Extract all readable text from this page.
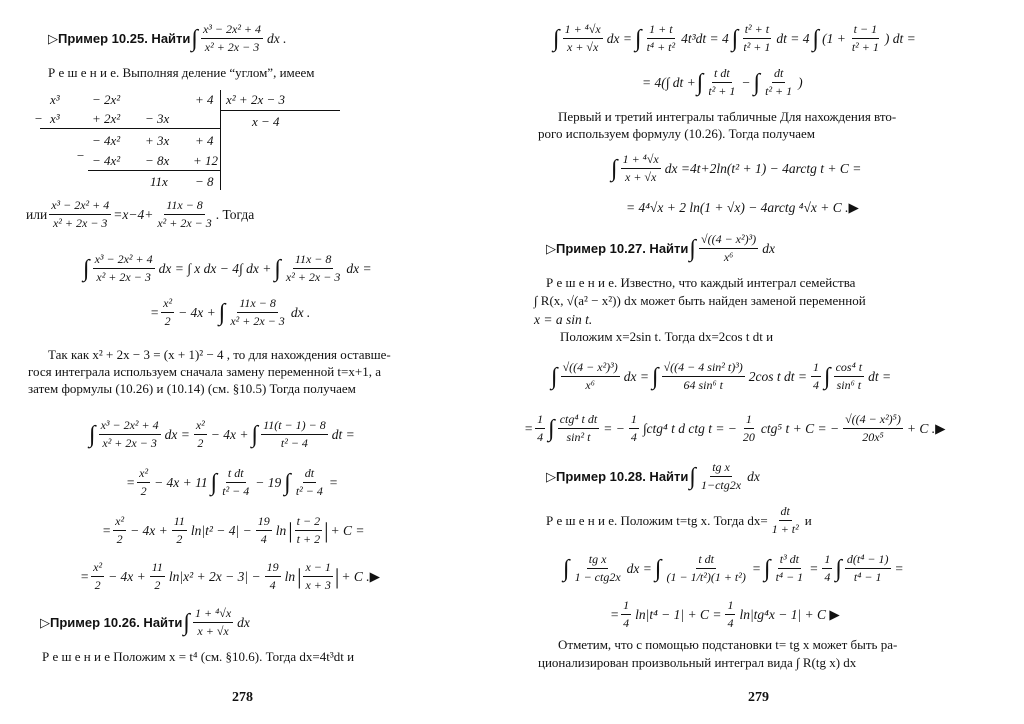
▷Пример 10.25. Найти ∫ $\frac{\text{x³ − 2x² + 4}}{\text{x² + 2x − 3}}$ dx .
Р е ш е н и е. Выполняя деление “углом”, имеем
x³ − 2x²	+ 4
− x³ + 2x² − 3x
− 4x² + 3x + 4
− − 4x² − 8x + 12
11x − 8
x² + 2x − 3
x − 4
или $\frac{\text{x³ − 2x² + 4}}{\text{x² + 2x − 3}} =x-4+ \frac{11x - 8}{\text{x² + 2x − 3}}$ . Тогда
∫ $\frac{\text{x³ − 2x² + 4}}{\text{x² + 2x − 3}}$ dx = ∫ x dx − 4∫ dx + ∫ $\frac{11x - 8}{\text{x² + 2x − 3}}$ dx =
= $\frac{\text{x²}}{2} - 4x$ + ∫ $\frac{11x - 8}{\text{x² + 2x − 3}}$ dx .
Так как x² + 2x − 3 = (x + 1)² − 4 , то для нахождения оставше-
гося интеграла используем сначала замену переменной t=x+1, а
затем формулы (10.26) и (10.14) (см. §10.5) Тогда получаем
∫ $\frac{\text{x³ − 2x² + 4}}{\text{x² + 2x − 3}}$ dx = $\frac{\text{x²}}{2} - 4x$ + ∫ $\frac{11(t - 1) - 8}{\text{t² − 4}}$ dt =
= $\frac{\text{x²}}{2} - 4x + 11$ ∫ $\frac{\text{t dt}}{\text{t² − 4}} - 19$ ∫ $\frac{dt}{\text{t² − 4}}$ =
= $\frac{\text{x²}}{2} - 4x + \frac{11}{2} \ln|t^2 - 4| - \frac{19}{4}$ ln | $\frac{t - 2}{t + 2}$ | + C =
= $\frac{\text{x²}}{2} - 4x + \frac{11}{2} \ln|x^2 + 2x - 3| - \frac{19}{4}$ ln | $\frac{x - 1}{x + 3}$ | + C .▶
▷Пример 10.26. Найти ∫ $\frac{\text{1 + ⁴√x}}{x + √x}$ dx
Р е ш е н и е Положим x = t⁴ (см. §10.6). Тогда dx=4t³dt и
278
∫ $\frac{\text{1 + ⁴√x}}{x + √x}$ dx = ∫ $\frac{1 + t}{\text{t⁴ + t²}} 4t^3dt = 4$ ∫ $\frac{\text{t² + t}}{\text{t² + 1}}$ dt = 4 ∫ ($1 + \frac{t - 1}{\text{t² + 1}}$ ) dt =
= 4(∫ dt + ∫ $\frac{\text{t dt}}{\text{t² + 1}}$ − ∫ $\frac{dt}{\text{t² + 1}}$ )
Первый и третий интегралы табличные Для нахождения вто-
рого используем формулу (10.26). Тогда получаем
∫ $\frac{\text{1 + ⁴√x}}{x + √x}$ dx =4t+2ln(t² + 1) − 4arctg t + C =
= 4⁴√x + 2 ln(1 + √x) − 4arctg ⁴√x + C .▶
▷Пример 10.27. Найти ∫ $\frac{\text{√((4 − x²)³)}}{\text{x⁶}}$ dx
Р е ш е н и е. Известно, что каждый интеграл семейства
∫ R(x, √(a² − x²)) dx может быть найден заменой переменной
x = a sin t.
Положим x=2sin t. Тогда dx=2cos t dt и
∫ $\frac{\text{√((4 − x²)³)}}{\text{x⁶}}$ dx = ∫ $\frac{\text{√((4 − 4 sin² t)³)}}{\text{64 sin⁶ t}} 2\cos$ t dt = $\frac{1}{4}$ ∫ $\frac{\text{cos⁴ t}}{\text{sin⁶ t}}$ dt =
= $\frac{1}{4}$ ∫ $\frac{\text{ctg⁴ t dt}}{\text{sin² t}}$ = − $\frac{1}{4} \int ctg^4$ t d ctg t = − $\frac{1}{20} ctg^5$ t + C = − $\frac{\text{√((4 − x²)⁵)}}{\text{20x⁵}} + C$ .▶
▷Пример 10.28. Найти ∫ $\frac{\text{tg x}}{\text{1−ctg2x}}$ dx
Р е ш е н и е. Положим t=tg x. Тогда $dx= \frac{dt}{\text{1 + t²}}$ и
∫ $\frac{\text{tg x}}{\text{1 − ctg2x}}$ dx = ∫ $\frac{\text{t dt}}{\text{(1 − 1/t²)(1 + t²)}}$ = ∫ $\frac{\text{t³ dt}}{\text{t⁴ − 1}} = \frac{1}{4}$ ∫ $\frac{\text{d(t⁴ − 1)}}{\text{t⁴ − 1}}$ =
= $\frac{1}{4} \ln|t^4 - 1| + C = \frac{1}{4} \ln|tg^4x - 1| + C$ ▶
Отметим, что с помощью подстановки t= tg x может быть ра-
ционализирован произвольный интеграл вида ∫ R(tg x) dx
279
